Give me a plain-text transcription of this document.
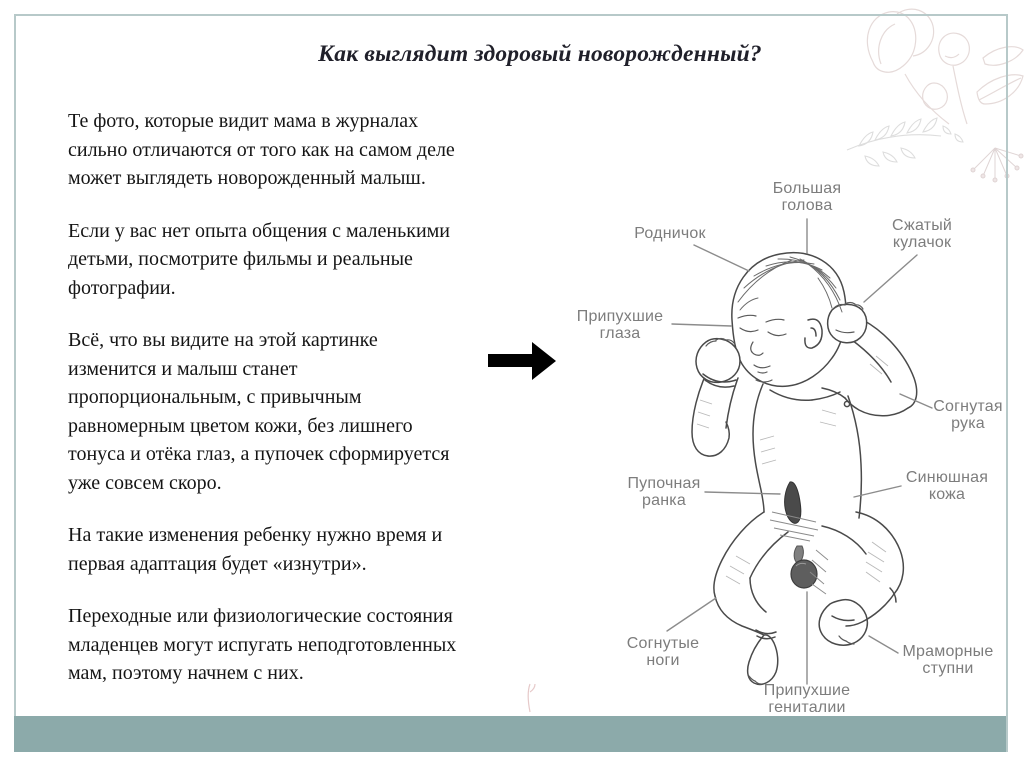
Как выглядит здоровый новорожденный?

Те фото, которые видит мама в журналах
сильно отличаются от того как на самом деле
может выглядеть новорожденный малыш.

Если у вас нет опыта общения с маленькими
детьми, посмотрите фильмы и реальные
фотографии.

Всё, что вы видите на этой картинке
изменится и малыш станет
пропорциональным, с привычным
равномерным цветом кожи, без лишнего
тонуса и отёка глаз, а пупочек сформируется
уже совсем скоро.

На такие изменения ребенку нужно время и
первая адаптация будет «изнутри».

Переходные или физиологические состояния
младенцев могут испугать неподготовленных
мам, поэтому начнем с них.

Большая
голова
Родничок	Сжатый
кулачок
Припухшие
глаза
Согнутая
рука
Пупочная
ранка
Синюшная
кожа
Согнутые
ноги	Мраморные
ступни
Припухшие
гениталии
